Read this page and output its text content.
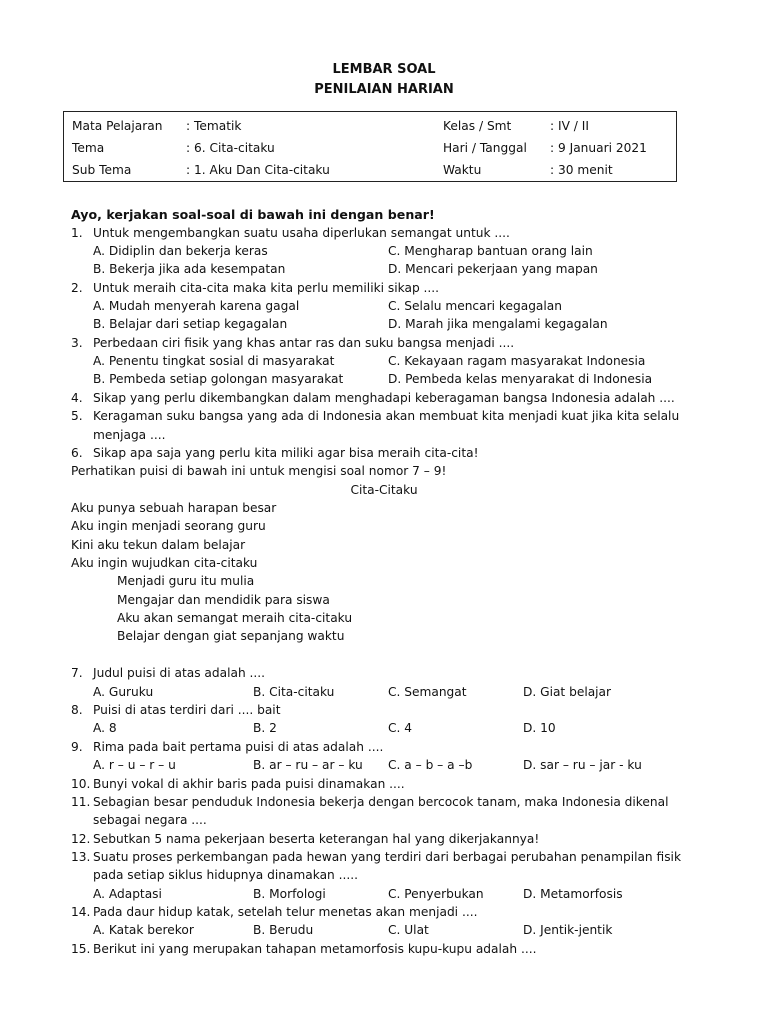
LEMBAR SOAL
PENILAIAN HARIAN
Mata Pelajaran : Tematik	Kelas / Smt	: IV / II
Tema	: 6. Cita-citaku	Hari / Tanggal : 9 Januari 2021
Sub Tema	: 1. Aku Dan Cita-citaku	Waktu	: 30 menit
Ayo, kerjakan soal-soal di bawah ini dengan benar!
1. Untuk mengembangkan suatu usaha diperlukan semangat untuk ....
A. Didiplin dan bekerja keras	C. Mengharap bantuan orang lain
B. Bekerja jika ada kesempatan	D. Mencari pekerjaan yang mapan
2. Untuk meraih cita-cita maka kita perlu memiliki sikap ....
A. Mudah menyerah karena gagal	C. Selalu mencari kegagalan
B. Belajar dari setiap kegagalan	D. Marah jika mengalami kegagalan
3. Perbedaan ciri fisik yang khas antar ras dan suku bangsa menjadi ....
A. Penentu tingkat sosial di masyarakat	C. Kekayaan ragam masyarakat Indonesia
B. Pembeda setiap golongan masyarakat	D. Pembeda kelas menyarakat di Indonesia
4. Sikap yang perlu dikembangkan dalam menghadapi keberagaman bangsa Indonesia adalah ....
5. Keragaman suku bangsa yang ada di Indonesia akan membuat kita menjadi kuat jika kita selalu
menjaga ....
6. Sikap apa saja yang perlu kita miliki agar bisa meraih cita-cita!
Perhatikan puisi di bawah ini untuk mengisi soal nomor 7 – 9!
Cita-Citaku
Aku punya sebuah harapan besar
Aku ingin menjadi seorang guru
Kini aku tekun dalam belajar
Aku ingin wujudkan cita-citaku
Menjadi guru itu mulia
Mengajar dan mendidik para siswa
Aku akan semangat meraih cita-citaku
Belajar dengan giat sepanjang waktu
7. Judul puisi di atas adalah ....
A. Guruku	B. Cita-citaku	C. Semangat	D. Giat belajar
8. Puisi di atas terdiri dari .... bait
A. 8	B. 2	C. 4	D. 10
9. Rima pada bait pertama puisi di atas adalah ....
A. r – u – r – u	B. ar – ru – ar – ku C. a – b – a –b	D. sar – ru – jar - ku
10. Bunyi vokal di akhir baris pada puisi dinamakan ....
11. Sebagian besar penduduk Indonesia bekerja dengan bercocok tanam, maka Indonesia dikenal
sebagai negara ....
12. Sebutkan 5 nama pekerjaan beserta keterangan hal yang dikerjakannya!
13. Suatu proses perkembangan pada hewan yang terdiri dari berbagai perubahan penampilan fisik
pada setiap siklus hidupnya dinamakan .....
A. Adaptasi	B. Morfologi	C. Penyerbukan	D. Metamorfosis
14. Pada daur hidup katak, setelah telur menetas akan menjadi ....
A. Katak berekor	B. Berudu	C. Ulat	D. Jentik-jentik
15. Berikut ini yang merupakan tahapan metamorfosis kupu-kupu adalah ....
